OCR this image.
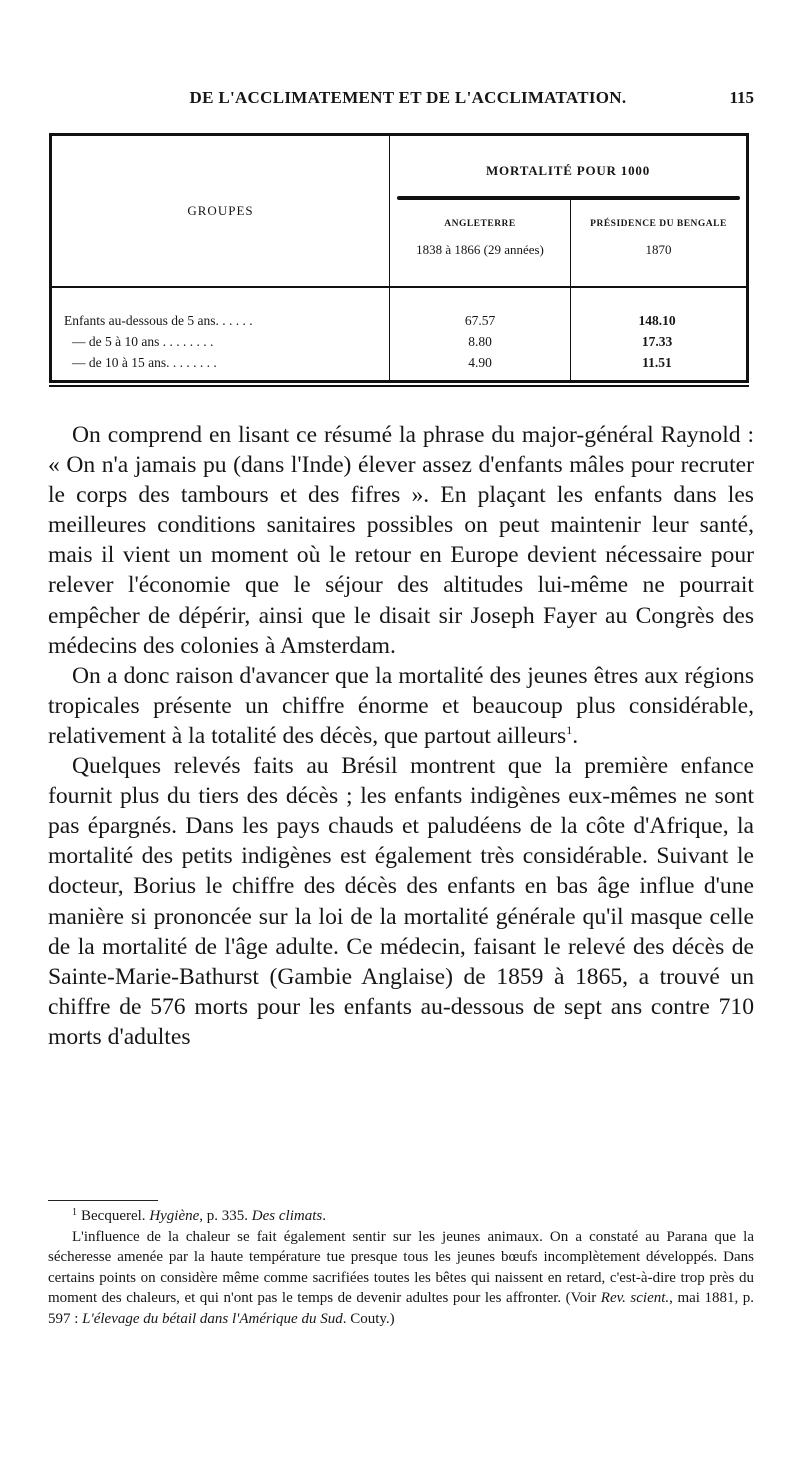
DE L'ACCLIMATEMENT ET DE L'ACCLIMATATION.	115
GROUPES
MORTALITÉ POUR 1000
ANGLETERRE
1838 à 1866 (29 années)
PRÉSIDENCE DU BENGALE
1870
Enfants au-dessous de 5 ans. . . . . .	67.57	148.10
— de 5 à 10 ans . . . . . . . .	8.80	17.33
— de 10 à 15 ans. . . . . . . .	4.90	11.51

On comprend en lisant ce résumé la phrase du major-général Raynold : « On n'a jamais pu (dans l'Inde) élever assez d'enfants mâles pour recruter le corps des tambours et des fifres ». En plaçant les enfants dans les meilleures conditions sanitaires possibles on peut maintenir leur santé, mais il vient un moment où le retour en Europe devient nécessaire pour relever l'économie que le séjour des altitudes lui-même ne pourrait empêcher de dépérir, ainsi que le disait sir Joseph Fayer au Congrès des médecins des colonies à Amsterdam.

On a donc raison d'avancer que la mortalité des jeunes êtres aux régions tropicales présente un chiffre énorme et beaucoup plus considérable, relativement à la totalité des décès, que partout ailleurs$^1$.

Quelques relevés faits au Brésil montrent que la première enfance fournit plus du tiers des décès ; les enfants indigènes eux-mêmes ne sont pas épargnés. Dans les pays chauds et paludéens de la côte d'Afrique, la mortalité des petits indigènes est également très considérable. Suivant le docteur, Borius le chiffre des décès des enfants en bas âge influe d'une manière si prononcée sur la loi de la mortalité générale qu'il masque celle de la mortalité de l'âge adulte. Ce médecin, faisant le relevé des décès de Sainte-Marie-Bathurst (Gambie Anglaise) de 1859 à 1865, a trouvé un chiffre de 576 morts pour les enfants au-dessous de sept ans contre 710 morts d'adultes

$^1$ Becquerel. Hygiène, p. 335. Des climats.

L'influence de la chaleur se fait également sentir sur les jeunes animaux. On a constaté au Parana que la sécheresse amenée par la haute température tue presque tous les jeunes bœufs incomplètement développés. Dans certains points on considère même comme sacrifiées toutes les bêtes qui naissent en retard, c'est-à-dire trop près du moment des chaleurs, et qui n'ont pas le temps de devenir adultes pour les affronter. (Voir Rev. scient., mai 1881, p. 597 : L'élevage du bétail dans l'Amérique du Sud. Couty.)
